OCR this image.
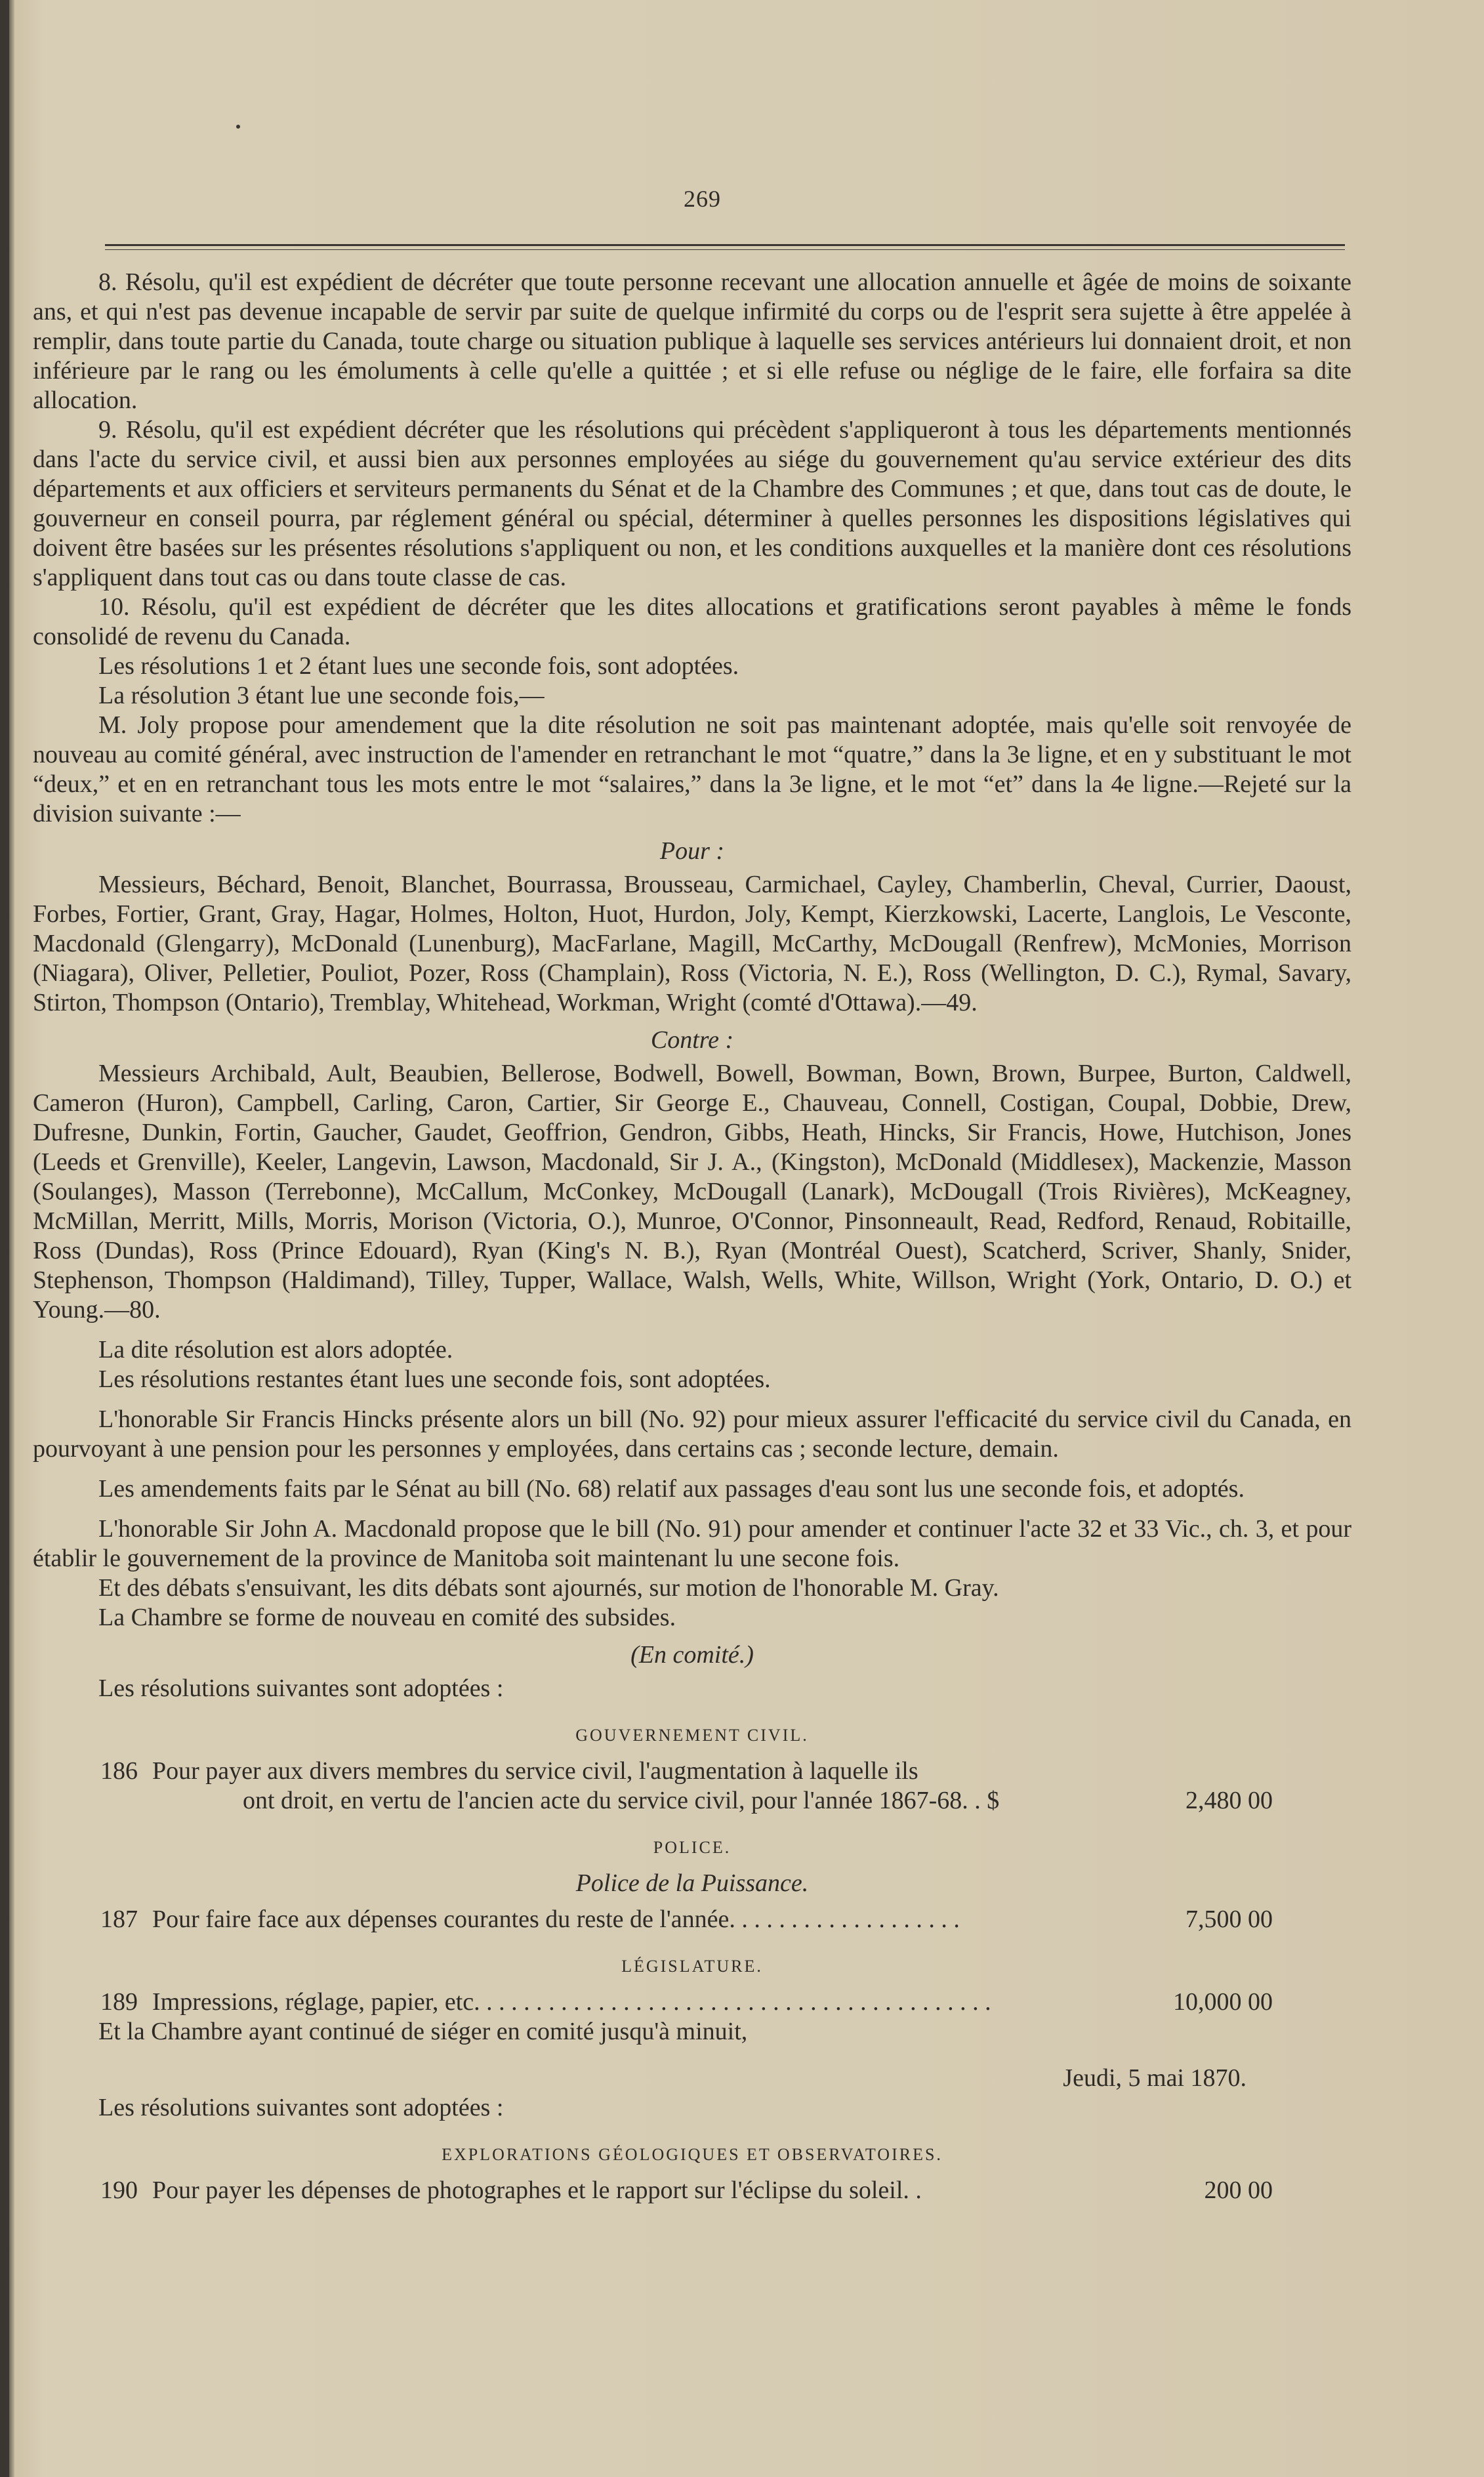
269

8. Résolu, qu'il est expédient de décréter que toute personne recevant une allocation annuelle et âgée de moins de soixante ans, et qui n'est pas devenue incapable de servir par suite de quelque infirmité du corps ou de l'esprit sera sujette à être appelée à remplir, dans toute partie du Canada, toute charge ou situation publique à laquelle ses services antérieurs lui donnaient droit, et non inférieure par le rang ou les émoluments à celle qu'elle a quittée ; et si elle refuse ou néglige de le faire, elle forfaira sa dite allocation.

9. Résolu, qu'il est expédient décréter que les résolutions qui précèdent s'appliqueront à tous les départements mentionnés dans l'acte du service civil, et aussi bien aux personnes employées au siége du gouvernement qu'au service extérieur des dits départements et aux officiers et serviteurs permanents du Sénat et de la Chambre des Communes ; et que, dans tout cas de doute, le gouverneur en conseil pourra, par réglement général ou spécial, déterminer à quelles personnes les dispositions législatives qui doivent être basées sur les présentes résolutions s'appliquent ou non, et les conditions auxquelles et la manière dont ces résolutions s'appliquent dans tout cas ou dans toute classe de cas.

10. Résolu, qu'il est expédient de décréter que les dites allocations et gratifications seront payables à même le fonds consolidé de revenu du Canada.

Les résolutions 1 et 2 étant lues une seconde fois, sont adoptées.

La résolution 3 étant lue une seconde fois,—

M. Joly propose pour amendement que la dite résolution ne soit pas maintenant adoptée, mais qu'elle soit renvoyée de nouveau au comité général, avec instruction de l'amender en retranchant le mot “quatre,” dans la 3e ligne, et en y substituant le mot “deux,” et en en retranchant tous les mots entre le mot “salaires,” dans la 3e ligne, et le mot “et” dans la 4e ligne.—Rejeté sur la division suivante :—

Pour :

Messieurs, Béchard, Benoit, Blanchet, Bourrassa, Brousseau, Carmichael, Cayley, Chamberlin, Cheval, Currier, Daoust, Forbes, Fortier, Grant, Gray, Hagar, Holmes, Holton, Huot, Hurdon, Joly, Kempt, Kierzkowski, Lacerte, Langlois, Le Vesconte, Macdonald (Glengarry), McDonald (Lunenburg), MacFarlane, Magill, McCarthy, McDougall (Renfrew), McMonies, Morrison (Niagara), Oliver, Pelletier, Pouliot, Pozer, Ross (Champlain), Ross (Victoria, N. E.), Ross (Wellington, D. C.), Rymal, Savary, Stirton, Thompson (Ontario), Tremblay, Whitehead, Workman, Wright (comté d'Ottawa).—49.

Contre :

Messieurs Archibald, Ault, Beaubien, Bellerose, Bodwell, Bowell, Bowman, Bown, Brown, Burpee, Burton, Caldwell, Cameron (Huron), Campbell, Carling, Caron, Cartier, Sir George E., Chauveau, Connell, Costigan, Coupal, Dobbie, Drew, Dufresne, Dunkin, Fortin, Gaucher, Gaudet, Geoffrion, Gendron, Gibbs, Heath, Hincks, Sir Francis, Howe, Hutchison, Jones (Leeds et Grenville), Keeler, Langevin, Lawson, Macdonald, Sir J. A., (Kingston), McDonald (Middlesex), Mackenzie, Masson (Soulanges), Masson (Terrebonne), McCallum, McConkey, McDougall (Lanark), McDougall (Trois Rivières), McKeagney, McMillan, Merritt, Mills, Morris, Morison (Victoria, O.), Munroe, O'Connor, Pinsonneault, Read, Redford, Renaud, Robitaille, Ross (Dundas), Ross (Prince Edouard), Ryan (King's N. B.), Ryan (Montréal Ouest), Scatcherd, Scriver, Shanly, Snider, Stephenson, Thompson (Haldimand), Tilley, Tupper, Wallace, Walsh, Wells, White, Willson, Wright (York, Ontario, D. O.) et Young.—80.

La dite résolution est alors adoptée.

Les résolutions restantes étant lues une seconde fois, sont adoptées.

L'honorable Sir Francis Hincks présente alors un bill (No. 92) pour mieux assurer l'efficacité du service civil du Canada, en pourvoyant à une pension pour les personnes y employées, dans certains cas ; seconde lecture, demain.

Les amendements faits par le Sénat au bill (No. 68) relatif aux passages d'eau sont lus une seconde fois, et adoptés.

L'honorable Sir John A. Macdonald propose que le bill (No. 91) pour amender et continuer l'acte 32 et 33 Vic., ch. 3, et pour établir le gouvernement de la province de Manitoba soit maintenant lu une secone fois.

Et des débats s'ensuivant, les dits débats sont ajournés, sur motion de l'honorable M. Gray.

La Chambre se forme de nouveau en comité des subsides.

(En comité.)

Les résolutions suivantes sont adoptées :

GOUVERNEMENT CIVIL.
186 Pour payer aux divers membres du service civil, l'augmentation à laquelle ils
ont droit, en vertu de l'ancien acte du service civil, pour l'année 1867-68. . $	2,480 00
POLICE.
Police de la Puissance.
187 Pour faire face aux dépenses courantes du reste de l'année. . . . . . . . . . . . . . . . . . .	7,500 00
LÉGISLATURE.
189 Impressions, réglage, papier, etc. . . . . . . . . . . . . . . . . . . . . . . . . . . . . . . . . . . . . . . . . .	10,000 00

Et la Chambre ayant continué de siéger en comité jusqu'à minuit,

Jeudi, 5 mai 1870.

Les résolutions suivantes sont adoptées :

EXPLORATIONS GÉOLOGIQUES ET OBSERVATOIRES.
190 Pour payer les dépenses de photographes et le rapport sur l'éclipse du soleil. .	200 00
